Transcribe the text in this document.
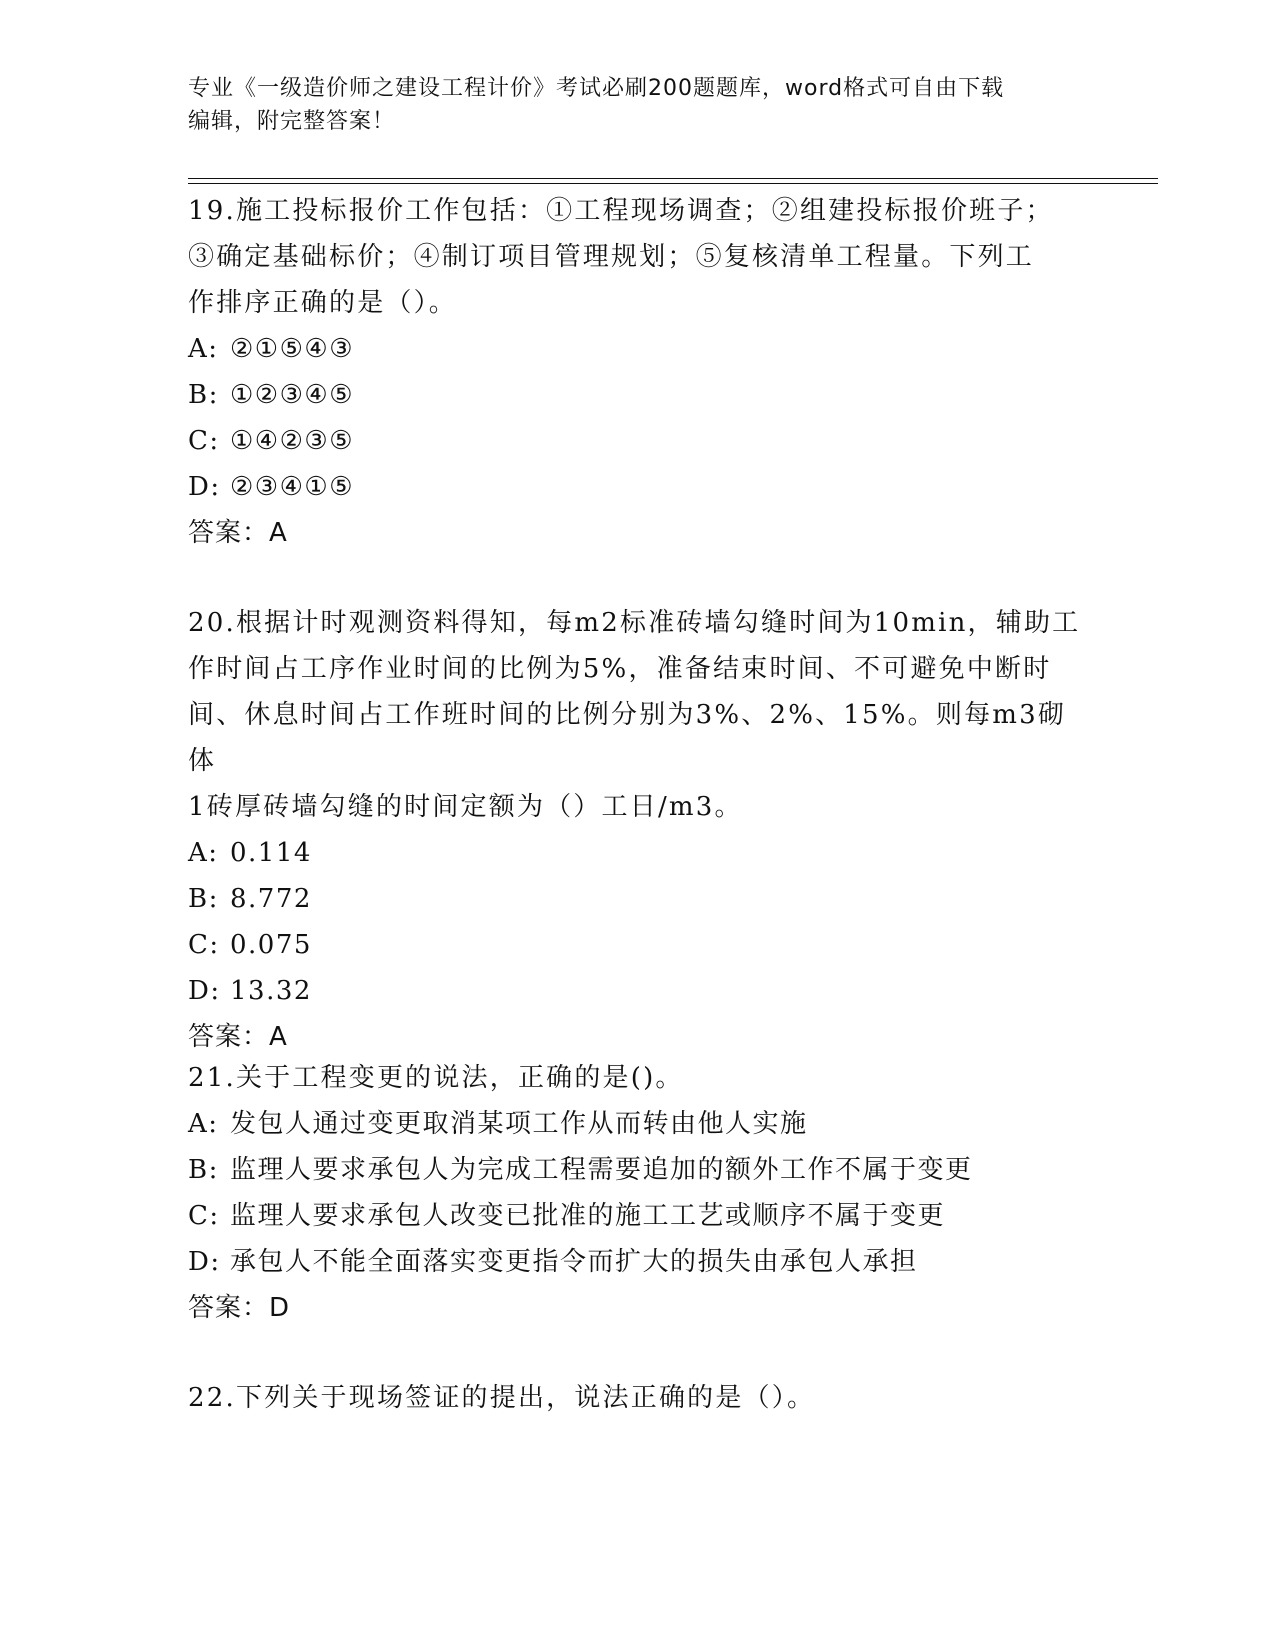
专业《一级造价师之建设工程计价》考试必刷200题题库，word格式可自由下载
编辑，附完整答案！

19.施工投标报价工作包括：①工程现场调查；②组建投标报价班子；
③确定基础标价；④制订项目管理规划；⑤复核清单工程量。下列工
作排序正确的是（）。

A: ②①⑤④③
B: ①②③④⑤
C: ①④②③⑤
D: ②③④①⑤
答案：A

20.根据计时观测资料得知，每m2标准砖墙勾缝时间为10min，辅助工
作时间占工序作业时间的比例为5%，准备结束时间、不可避免中断时
间、休息时间占工作班时间的比例分别为3%、2%、15%。则每m3砌体
1砖厚砖墙勾缝的时间定额为（）工日/m3。

A: 0.114
B: 8.772
C: 0.075
D: 13.32
答案：A

21.关于工程变更的说法，正确的是()。

A: 发包人通过变更取消某项工作从而转由他人实施
B: 监理人要求承包人为完成工程需要追加的额外工作不属于变更
C: 监理人要求承包人改变已批准的施工工艺或顺序不属于变更
D: 承包人不能全面落实变更指令而扩大的损失由承包人承担
答案：D

22.下列关于现场签证的提出，说法正确的是（）。
